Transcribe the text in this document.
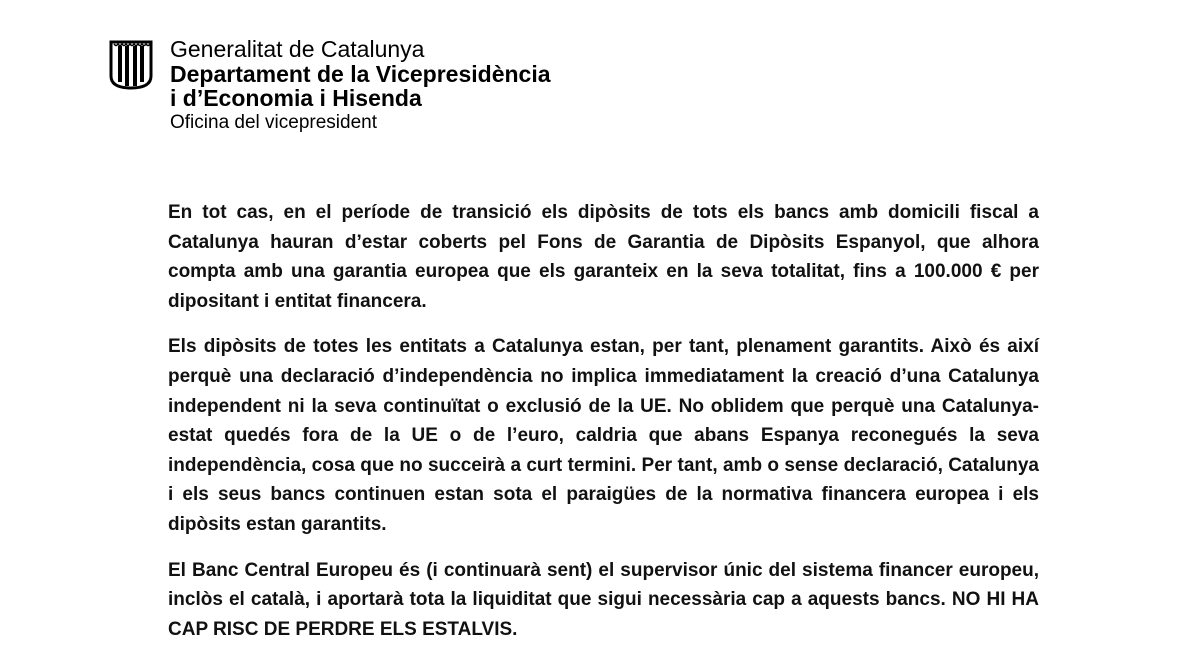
Generalitat de Catalunya
Departament de la Vicepresidència
i d’Economia i Hisenda
Oficina del vicepresident

En tot cas, en el període de transició els dipòsits de tots els bancs amb domicili fiscal a Catalunya hauran d’estar coberts pel Fons de Garantia de Dipòsits Espanyol, que alhora compta amb una garantia europea que els garanteix en la seva totalitat, fins a 100.000 € per dipositant i entitat financera.

Els dipòsits de totes les entitats a Catalunya estan, per tant, plenament garantits. Això és així perquè una declaració d’independència no implica immediatament la creació d’una Catalunya independent ni la seva continuïtat o exclusió de la UE. No oblidem que perquè una Catalunya-estat quedés fora de la UE o de l’euro, caldria que abans Espanya reconegués la seva independència, cosa que no succeirà a curt termini. Per tant, amb o sense declaració, Catalunya i els seus bancs continuen estan sota el paraigües de la normativa financera europea i els dipòsits estan garantits.

El Banc Central Europeu és (i continuarà sent) el supervisor únic del sistema financer europeu, inclòs el català, i aportarà tota la liquiditat que sigui necessària cap a aquests bancs. NO HI HA CAP RISC DE PERDRE ELS ESTALVIS.
